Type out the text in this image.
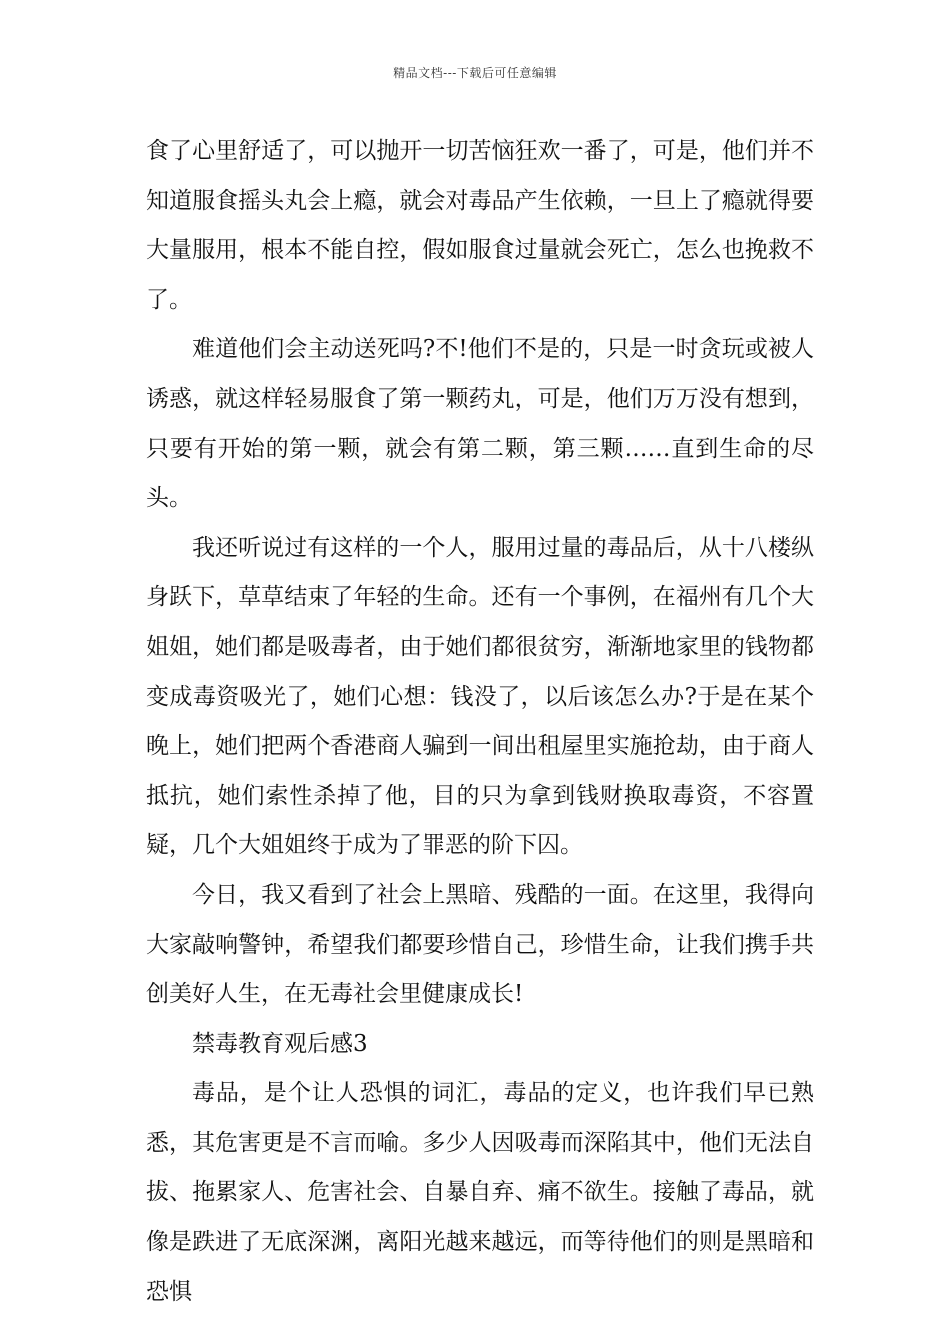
精品文档---下载后可任意编辑

食了心里舒适了，可以抛开一切苦恼狂欢一番了，可是，他们并不知道服食摇头丸会上瘾，就会对毒品产生依赖，一旦上了瘾就得要大量服用，根本不能自控，假如服食过量就会死亡，怎么也挽救不了。

难道他们会主动送死吗?不!他们不是的，只是一时贪玩或被人诱惑，就这样轻易服食了第一颗药丸，可是，他们万万没有想到，只要有开始的第一颗，就会有第二颗，第三颗……直到生命的尽头。

我还听说过有这样的一个人，服用过量的毒品后，从十八楼纵身跃下，草草结束了年轻的生命。还有一个事例，在福州有几个大姐姐，她们都是吸毒者，由于她们都很贫穷，渐渐地家里的钱物都变成毒资吸光了，她们心想：钱没了，以后该怎么办?于是在某个晚上，她们把两个香港商人骗到一间出租屋里实施抢劫，由于商人抵抗，她们索性杀掉了他，目的只为拿到钱财换取毒资，不容置疑，几个大姐姐终于成为了罪恶的阶下囚。

今日，我又看到了社会上黑暗、残酷的一面。在这里，我得向大家敲响警钟，希望我们都要珍惜自己，珍惜生命，让我们携手共创美好人生，在无毒社会里健康成长!

禁毒教育观后感3

毒品，是个让人恐惧的词汇，毒品的定义，也许我们早已熟悉，其危害更是不言而喻。多少人因吸毒而深陷其中，他们无法自拔、拖累家人、危害社会、自暴自弃、痛不欲生。接触了毒品，就像是跌进了无底深渊，离阳光越来越远，而等待他们的则是黑暗和恐惧
